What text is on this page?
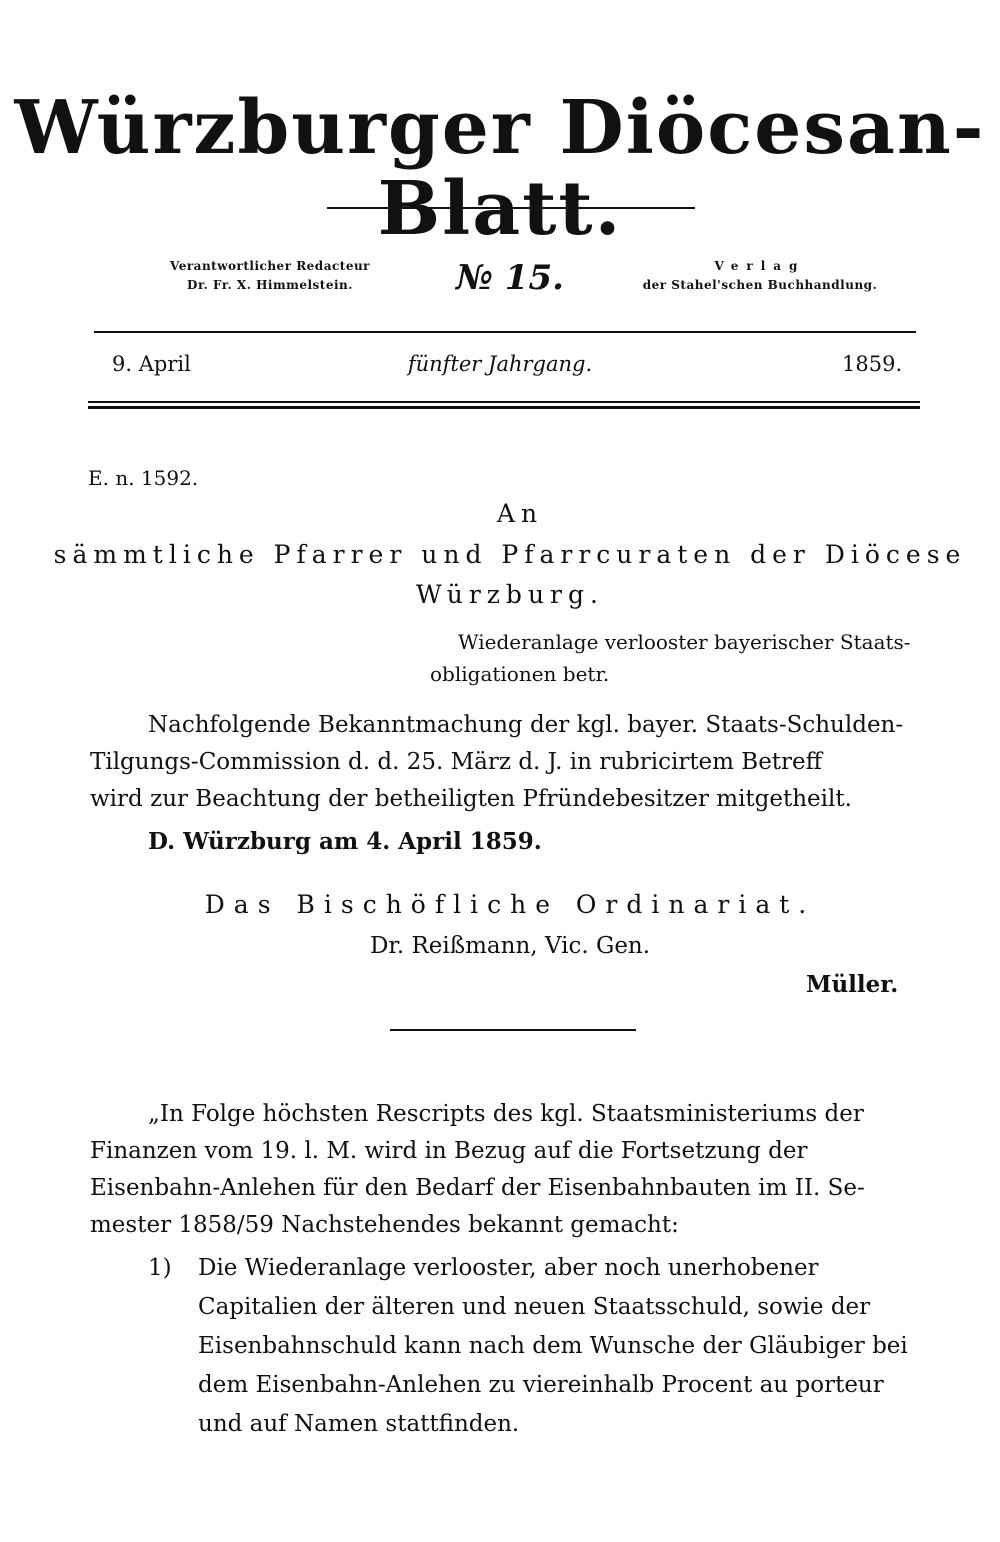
Würzburger Diöcesan-Blatt.
Verantwortlicher Redacteur
Dr. Fr. X. Himmelstein.	№ 15.	Verlag
der Stahel'schen Buchhandlung.
9. April	fünfter Jahrgang.	1859.
E. n. 1592.
An
sämmtliche Pfarrer und Pfarrcuraten der Diöcese
Würzburg.
Wiederanlage verlooster bayerischer Staats-
obligationen betr.
Nachfolgende Bekanntmachung der kgl. bayer. Staats-Schulden-
Tilgungs-Commission d. d. 25. März d. J. in rubricirtem Betreff
wird zur Beachtung der betheiligten Pfründebesitzer mitgetheilt.
D. Würzburg am 4. April 1859.
Das Bischöfliche Ordinariat.
Dr. Reißmann, Vic. Gen.
Müller.
„In Folge höchsten Rescripts des kgl. Staatsministeriums der
Finanzen vom 19. l. M. wird in Bezug auf die Fortsetzung der
Eisenbahn-Anlehen für den Bedarf der Eisenbahnbauten im II. Se-
mester 1858/59 Nachstehendes bekannt gemacht:
1) Die Wiederanlage verlooster, aber noch unerhobener
Capitalien der älteren und neuen Staatsschuld, sowie der
Eisenbahnschuld kann nach dem Wunsche der Gläubiger bei
dem Eisenbahn-Anlehen zu viereinhalb Procent au porteur
und auf Namen stattfinden.
